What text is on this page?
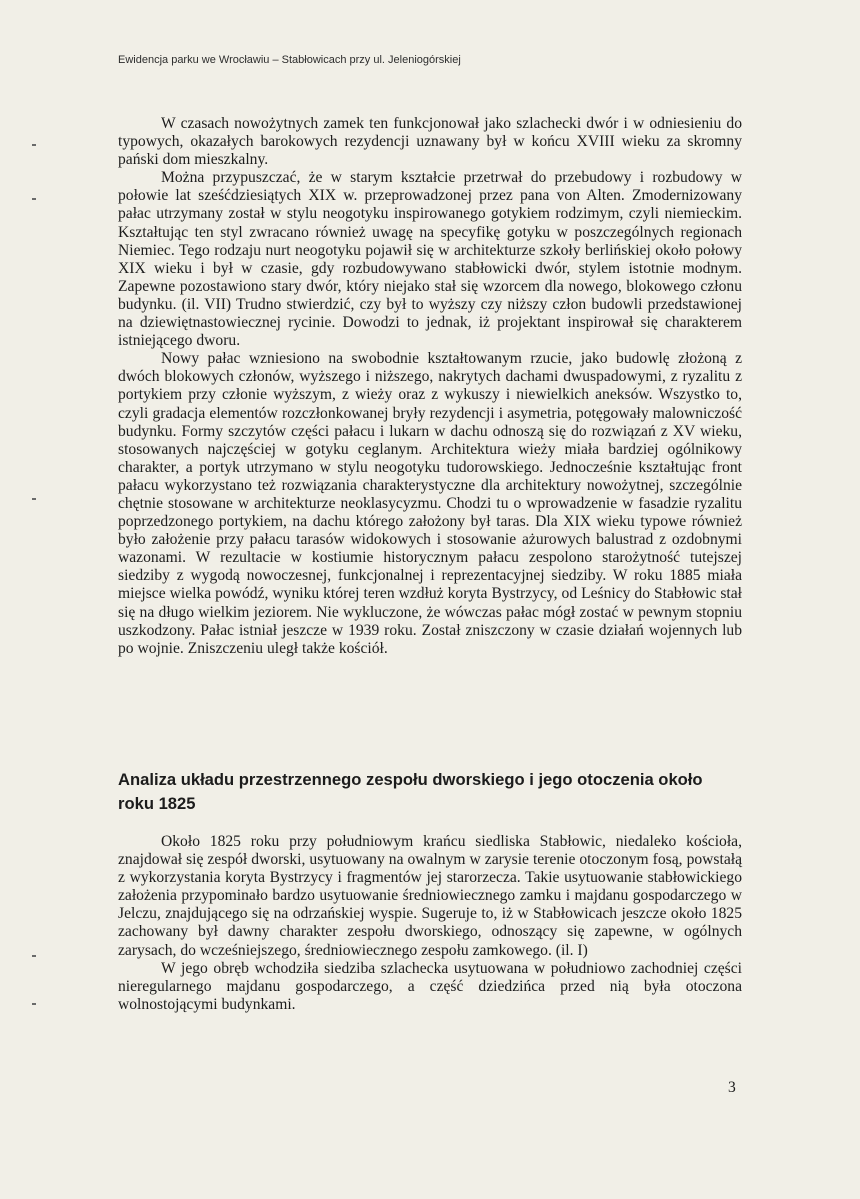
Ewidencja parku we Wrocławiu – Stabłowicach przy ul. Jeleniogórskiej

W czasach nowożytnych zamek ten funkcjonował jako szlachecki dwór i w odniesieniu do typowych, okazałych barokowych rezydencji uznawany był w końcu XVIII wieku za skromny pański dom mieszkalny.

Można przypuszczać, że w starym kształcie przetrwał do przebudowy i rozbudowy w połowie lat sześćdziesiątych XIX w. przeprowadzonej przez pana von Alten. Zmodernizowany pałac utrzymany został w stylu neogotyku inspirowanego gotykiem rodzimym, czyli niemieckim. Kształtując ten styl zwracano również uwagę na specyfikę gotyku w poszczególnych regionach Niemiec. Tego rodzaju nurt neogotyku pojawił się w architekturze szkoły berlińskiej około połowy XIX wieku i był w czasie, gdy rozbudowywano stabłowicki dwór, stylem istotnie modnym. Zapewne pozostawiono stary dwór, który niejako stał się wzorcem dla nowego, blokowego członu budynku. (il. VII) Trudno stwierdzić, czy był to wyższy czy niższy człon budowli przedstawionej na dziewiętnastowiecznej rycinie. Dowodzi to jednak, iż projektant inspirował się charakterem istniejącego dworu.

Nowy pałac wzniesiono na swobodnie kształtowanym rzucie, jako budowlę złożoną z dwóch blokowych członów, wyższego i niższego, nakrytych dachami dwuspadowymi, z ryzalitu z portykiem przy członie wyższym, z wieży oraz z wykuszy i niewielkich aneksów. Wszystko to, czyli gradacja elementów rozczłonkowanej bryły rezydencji i asymetria, potęgowały malowniczość budynku. Formy szczytów części pałacu i lukarn w dachu odnoszą się do rozwiązań z XV wieku, stosowanych najczęściej w gotyku ceglanym. Architektura wieży miała bardziej ogólnikowy charakter, a portyk utrzymano w stylu neogotyku tudorowskiego. Jednocześnie kształtując front pałacu wykorzystano też rozwiązania charakterystyczne dla architektury nowożytnej, szczególnie chętnie stosowane w architekturze neoklasycyzmu. Chodzi tu o wprowadzenie w fasadzie ryzalitu poprzedzonego portykiem, na dachu którego założony był taras. Dla XIX wieku typowe również było założenie przy pałacu tarasów widokowych i stosowanie ażurowych balustrad z ozdobnymi wazonami. W rezultacie w kostiumie historycznym pałacu zespolono starożytność tutejszej siedziby z wygodą nowoczesnej, funkcjonalnej i reprezentacyjnej siedziby. W roku 1885 miała miejsce wielka powódź, wyniku której teren wzdłuż koryta Bystrzycy, od Leśnicy do Stabłowic stał się na długo wielkim jeziorem. Nie wykluczone, że wówczas pałac mógł zostać w pewnym stopniu uszkodzony. Pałac istniał jeszcze w 1939 roku. Został zniszczony w czasie działań wojennych lub po wojnie. Zniszczeniu uległ także kościół.

Analiza układu przestrzennego zespołu dworskiego i jego otoczenia około roku 1825

Około 1825 roku przy południowym krańcu siedliska Stabłowic, niedaleko kościoła, znajdował się zespół dworski, usytuowany na owalnym w zarysie terenie otoczonym fosą, powstałą z wykorzystania koryta Bystrzycy i fragmentów jej starorzecza. Takie usytuowanie stabłowickiego założenia przypominało bardzo usytuowanie średniowiecznego zamku i majdanu gospodarczego w Jelczu, znajdującego się na odrzańskiej wyspie. Sugeruje to, iż w Stabłowicach jeszcze około 1825 zachowany był dawny charakter zespołu dworskiego, odnoszący się zapewne, w ogólnych zarysach, do wcześniejszego, średniowiecznego zespołu zamkowego. (il. I)

W jego obręb wchodziła siedziba szlachecka usytuowana w południowo zachodniej części nieregularnego majdanu gospodarczego, a część dziedzińca przed nią była otoczona wolnostojącymi budynkami.

3
